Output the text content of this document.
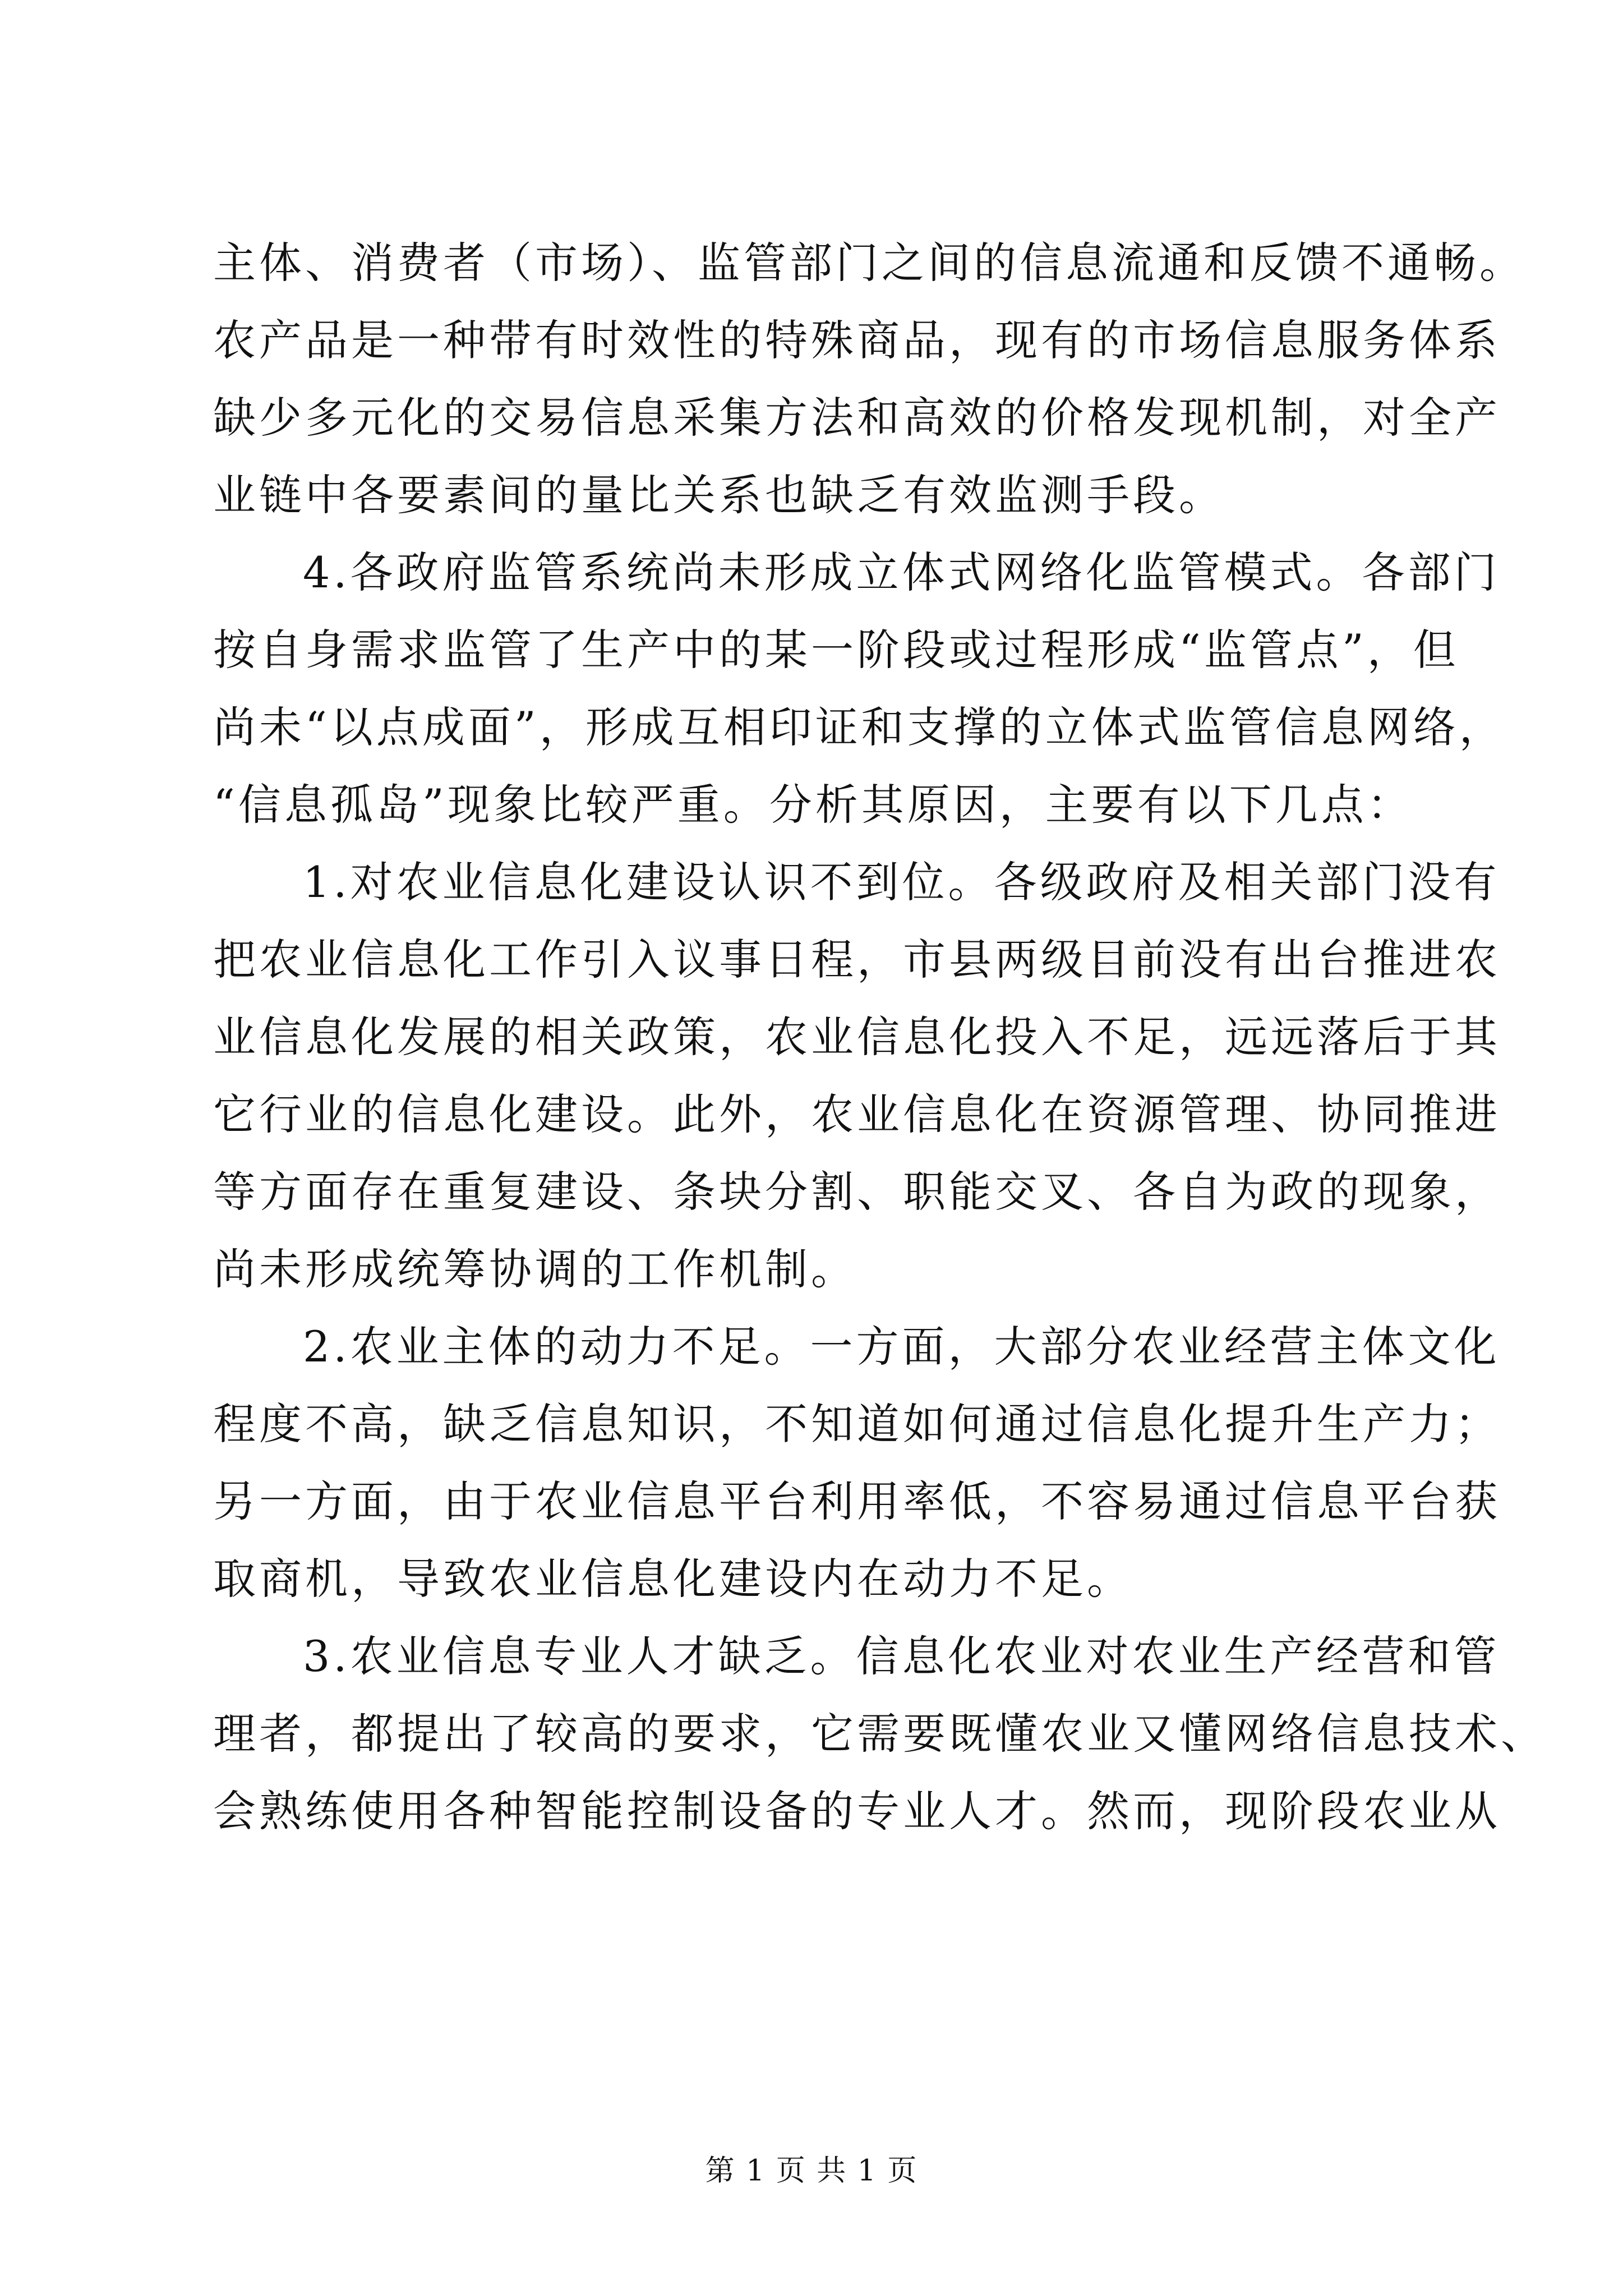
主体、消费者（市场）、监管部门之间的信息流通和反馈不通畅。
农产品是一种带有时效性的特殊商品，现有的市场信息服务体系
缺少多元化的交易信息采集方法和高效的价格发现机制，对全产
业链中各要素间的量比关系也缺乏有效监测手段。
4.各政府监管系统尚未形成立体式网络化监管模式。各部门
按自身需求监管了生产中的某一阶段或过程形成“监管点”，但
尚未“以点成面”，形成互相印证和支撑的立体式监管信息网络，
“信息孤岛”现象比较严重。分析其原因，主要有以下几点：
1.对农业信息化建设认识不到位。各级政府及相关部门没有
把农业信息化工作引入议事日程，市县两级目前没有出台推进农
业信息化发展的相关政策，农业信息化投入不足，远远落后于其
它行业的信息化建设。此外，农业信息化在资源管理、协同推进
等方面存在重复建设、条块分割、职能交叉、各自为政的现象，
尚未形成统筹协调的工作机制。
2.农业主体的动力不足。一方面，大部分农业经营主体文化
程度不高，缺乏信息知识，不知道如何通过信息化提升生产力；
另一方面，由于农业信息平台利用率低，不容易通过信息平台获
取商机，导致农业信息化建设内在动力不足。
3.农业信息专业人才缺乏。信息化农业对农业生产经营和管
理者，都提出了较高的要求，它需要既懂农业又懂网络信息技术、
会熟练使用各种智能控制设备的专业人才。然而，现阶段农业从
第 1 页 共 1 页
